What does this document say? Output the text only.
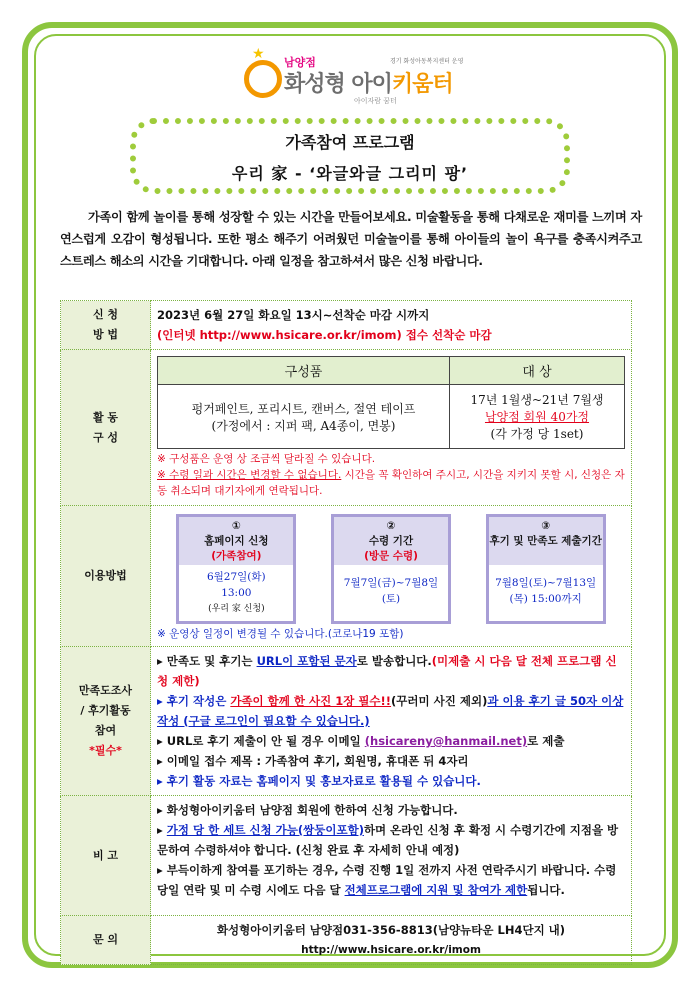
★
남양점
화성형 아이키움터
아이자람 꿈터
경기 화성아동복지센터 운영
가족참여 프로그램
우리 家 - ‘와글와글 그리미 팡’
가족이 함께 놀이를 통해 성장할 수 있는 시간을 만들어보세요. 미술활동을 통해 다채로운 재미를 느끼며 자연스럽게 오감이 형성됩니다. 또한 평소 해주기 어려웠던 미술놀이를 통해 아이들의 놀이 욕구를 충족시켜주고 스트레스 해소의 시간을 기대합니다. 아래 일정을 참고하셔서 많은 신청 바랍니다.
신 청
방 법

2023년 6월 27일 화요일 13시~선착순 마감 시까지
(인터넷 http://www.hsicare.or.kr/imom) 접수 선착순 마감

활 동
구 성

구성품	대 상

펑거페인트, 포리시트, 캔버스, 절연 테이프
(가정에서 : 지퍼 팩, A4종이, 면봉)

17년 1월생~21년 7월생
남양점 회원 40가정
(각 가정 당 1set)
※ 구성품은 운영 상 조금씩 달라질 수 있습니다.
※ 수령 일과 시간은 변경할 수 없습니다. 시간을 꼭 확인하여 주시고, 시간을 지키지 못할 시, 신청은 자동 취소되며 대기자에게 연락됩니다.

이용방법	
①
홈페이지 신청
(가족참여)
6월27일(화)
13:00
(우리 家 신청)
②
수령 기간
(방문 수령)
7월7일(금)~7월8일(토)
③
후기 및 만족도 제출기간
7월8일(토)~7월13일(목) 15:00까지
※ 운영상 일정이 변경될 수 있습니다.(코로나19 포함)

만족도조사
/ 후기활동
참여
*필수*

▸ 만족도 및 후기는 URL이 포함된 문자로 발송합니다.(미제출 시 다음 달 전체 프로그램 신청 제한)
▸ 후기 작성은 가족이 함께 한 사진 1장 필수!!(꾸러미 사진 제외)과 이용 후기 글 50자 이상 작성 (구글 로그인이 필요할 수 있습니다.)
▸ URL로 후기 제출이 안 될 경우 이메일 (hsicareny@hanmail.net)로 제출
▸ 이메일 접수 제목 : 가족참여 후기, 회원명, 휴대폰 뒤 4자리
▸ 후기 활동 자료는 홈페이지 및 홍보자료로 활용될 수 있습니다.

비 고	
▸ 화성형아이키움터 남양점 회원에 한하여 신청 가능합니다.
▸ 가정 당 한 세트 신청 가능(쌍둥이포함)하며 온라인 신청 후 확정 시 수령기간에 지점을 방문하여 수령하셔야 합니다. (신청 완료 후 자세히 안내 예정)
▸ 부득이하게 참여를 포기하는 경우, 수령 진행 1일 전까지 사전 연락주시기 바랍니다. 수령 당일 연락 및 미 수령 시에도 다음 달 전체프로그램에 지원 및 참여가 제한됩니다.

문 의	
화성형아이키움터 남양점031-356-8813(남양뉴타운 LH4단지 내)
http://www.hsicare.or.kr/imom
